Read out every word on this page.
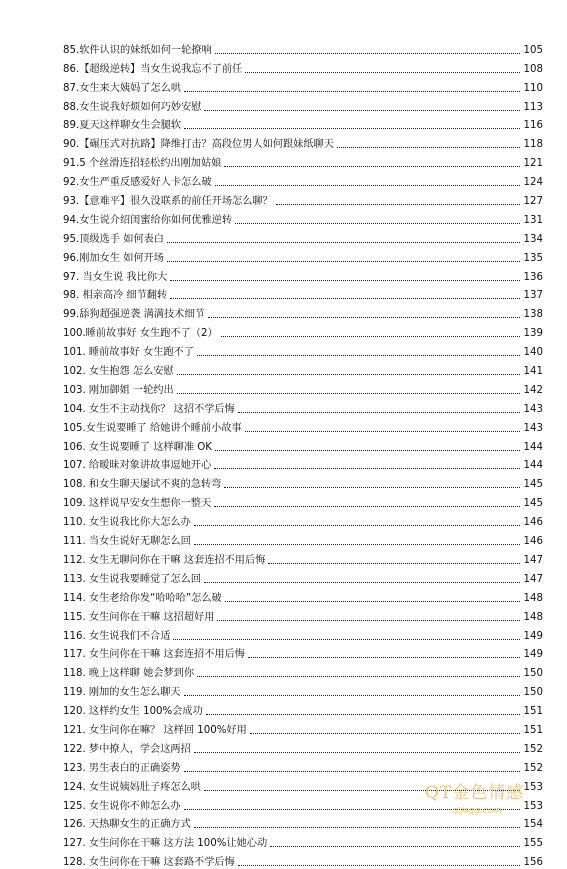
85.软件认识的妹纸如何一轮撩响	105
86.【超级逆转】当女生说我忘不了前任	108
87.女生来大姨妈了怎么哄	110
88.女生说我好烦如何巧妙安慰	113
89.夏天这样聊女生会腿软	116
90.【碾压式对抗路】降维打击？高段位男人如何跟妹纸聊天	118
91.5 个丝滑连招轻松约出刚加姑娘	121
92.女生严重反感爱好人卡怎么破	124
93.【意难平】很久没联系的前任开场怎么聊？	127
94.女生说介绍闺蜜给你如何优雅逆转	131
95.顶级选手 如何表白	134
96.刚加女生 如何开场	135
97. 当女生说 我比你大	136
98. 相亲高冷 细节翻转	137
99.舔狗超强逆袭 满满技术细节	138
100.睡前故事好 女生跑不了（2）	139
101. 睡前故事好 女生跑不了	140
102. 女生抱怨 怎么安慰	141
103. 刚加御姐 一轮约出	142
104. 女生不主动找你？ 这招不学后悔	143
105.女生说要睡了 给她讲个睡前小故事	143
106. 女生说要睡了 这样聊准 OK	144
107. 给暧昧对象讲故事逗她开心	144
108. 和女生聊天屡试不爽的急转弯	145
109. 这样说早安女生想你一整天	145
110. 女生说我比你大怎么办	146
111. 当女生说好无聊怎么回	146
112. 女生无聊问你在干嘛 这套连招不用后悔	147
113. 女生说我要睡觉了怎么回	147
114. 女生老给你发“哈哈哈”怎么破	148
115. 女生问你在干嘛 这招超好用	148
116. 女生说我们不合适	149
117. 女生问你在干嘛 这套连招不用后悔	149
118. 晚上这样聊 她会梦到你	150
119. 刚加的女生怎么聊天	150
120. 这样约女生 100%会成功	151
121. 女生问你在嘛？ 这样回 100%好用	151
122. 梦中撩人，学会这两招	152
123. 男生表白的正确姿势	152
124. 女生说姨妈肚子疼怎么哄	153
125. 女生说你不帅怎么办	153
126. 天热聊女生的正确方式	154
127. 女生问你在干嘛 这方法 100%让她心动	155
128. 女生问你在干嘛 这套路不学后悔	156
QT金色情感
qtjsqg.com
